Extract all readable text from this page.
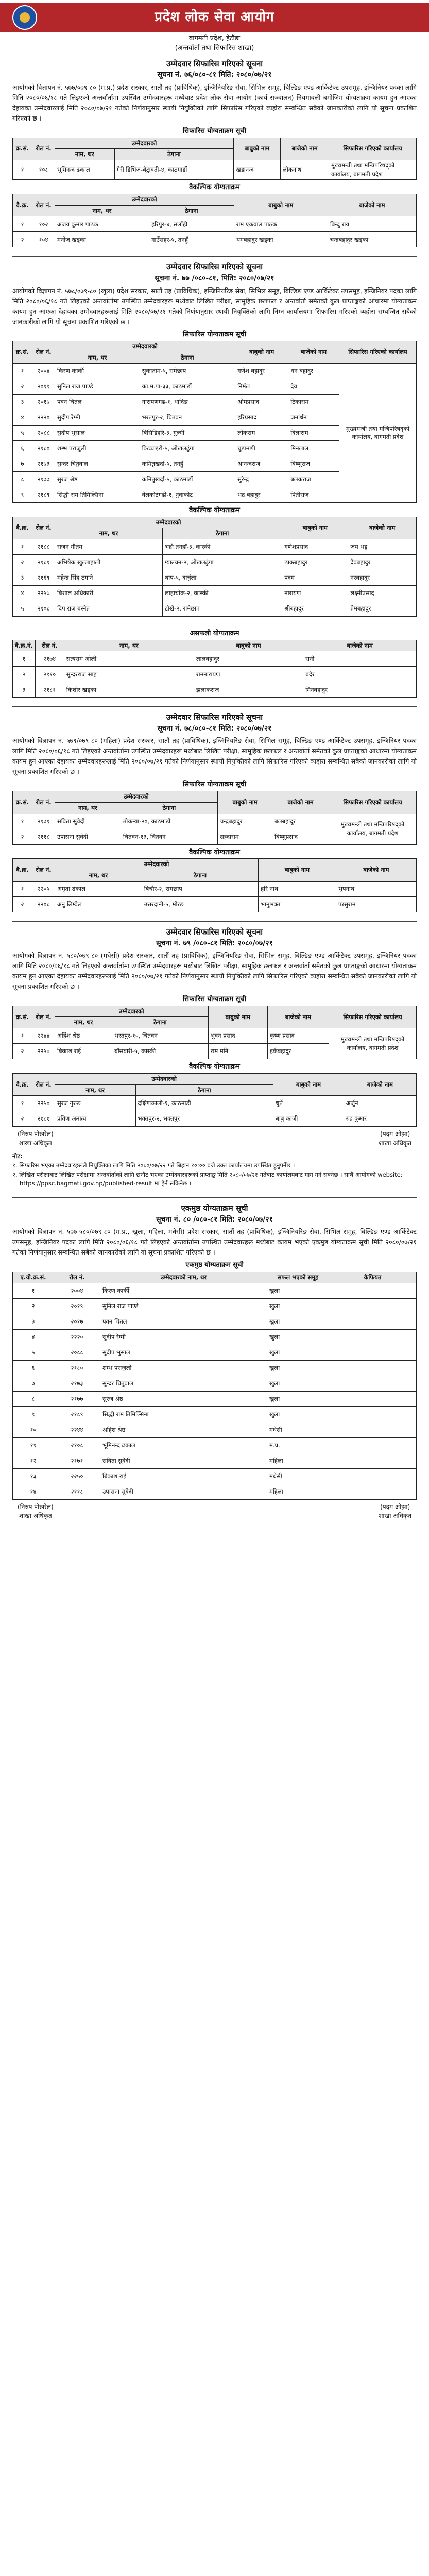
प्रदेश लोक सेवा आयोग
बागमती प्रदेश, हेटौंडा
(अन्तर्वार्ता तथा सिफारिस शाखा)
उम्मेदवार सिफारिस गरिएको सूचना
सूचना नं. ७६/०८०-८१ मिति: २०८०/०७/२१

आयोगको विज्ञापन नं. ५७७/०७९-८० (म.प्र.) प्रदेश सरकार, सातौं तह (प्राविधिक), इन्जिनियरिङ सेवा, सिभिल समूह, बिल्डिङ एण्ड आर्किटेक्ट उपसमूह, इन्जिनियर पदका लागि मिति २०८०/०६/१८ गते लिइएको अन्तर्वार्तामा उपस्थित उम्मेदवारहरू मध्येबाट प्रदेश लोक सेवा आयोग (कार्य सञ्चालन) नियमावली बमोजिम योग्यताक्रम कायम हुन आएका देहायका उम्मेदवारलाई मिति २०८०/०७/२१ गतेको निर्णयानुसार स्थायी नियुक्तिको लागि सिफारिस गरिएको व्यहोरा सम्बन्धित सबैको जानकारीको लागि यो सूचना प्रकाशित गरिएको छ ।

सिफारिस योग्यताक्रम सूची
क्र.सं.	रोल नं.	उम्मेदवारको		बाबुको नाम	बाजेको नाम	सिफारिस गरिएको कार्यालय
		नाम, थर	ठेगाना			
१	१०८	भूमिनन्द ढकाल	गैरी डिभिज-बेट्रावती-४, काठमाडौं	खडानन्द	लोकनाथ	मुख्यमन्त्री तथा मन्त्रिपरिषद्को कार्यालय, बागमती प्रदेश
वैकल्पिक योग्यताक्रम
वै.क्र.	रोल नं.	उम्मेदवारको		बाबुको नाम	बाजेको नाम
		नाम, थर	ठेगाना		
१	१०२	अजय कुमार पाठक	हरिपुर-४, सर्लाही	राम एकवाल पाठक	बिन्दु राय
२	१०४	मनोज खड्का	गाउँसहर-५, तनहुँ	थमबहादुर खड्का	चन्द्रबहादुर खड्का
उम्मेदवार सिफारिस गरिएको सूचना
सूचना नं. ७७ /०८०-८१, मिति: २०८०/०७/२१

आयोगको विज्ञापन नं. ५७८/०७९-८० (खुला) प्रदेश सरकार, सातौं तह (प्राविधिक), इन्जिनियरिङ सेवा, सिभिल समूह, बिल्डिङ एण्ड आर्किटेक्ट उपसमूह, इन्जिनियर पदका लागि मिति २०८०/०६/१८ गते लिइएको अन्तर्वार्तामा उपस्थित उम्मेदवारहरू मध्येबाट लिखित परीक्षा, सामूहिक छलफल र अन्तर्वार्ता समेतको कुल प्राप्ताङ्कको आधारमा योग्यताक्रम कायम हुन आएका देहायका उम्मेदवारहरूलाई मिति २०८०/०७/२१ गतेको निर्णयानुसार स्थायी नियुक्तिको लागि निम्न कार्यालयमा सिफारिस गरिएको व्यहोरा सम्बन्धित सबैको जानकारीको लागि यो सूचना प्रकाशित गरिएको छ ।

सिफारिस योग्यताक्रम सूची
क्र.सं.	रोल नं.	उम्मेदवारको		बाबुको नाम	बाजेको नाम	सिफारिस गरिएको कार्यालय
		नाम, थर	ठेगाना			
१	२००४	किरण कार्की	सुकाताम-५, रामेछाप	गणेश बहादुर	धन बहादुर	मुख्यमन्त्री तथा मन्त्रिपरिषद्को कार्यालय, बागमती प्रदेश
२	२०१९	सुनिल राज पाण्डे	का.म.पा-३३, काठमाडौं	निर्मल	देव	
३	२०१७	पवन चितल	नारायणगढ-१, धादिङ	ओमप्रसाद	टिकाराम	
४	२२२०	सुदीप रेग्मी	भरतपुर-२, चितवन	हरिप्रसाद	जनार्धन	
५	२०८८	सुदीप भुसाल	बिसिडिहरि-३, गुल्मी	लोकराम	दिलाराम	
६	२१८०	शम्भ पराजुली	किच्चाइरी-५, ओखलढुंगा	चुडामणी	मिनलाल	
७	२१७३	सुन्दर चितुवाल	कमितुखर्दा-५, तनहुँ	आनन्दराज	बिष्णुराज	
८	२१७७	सुरज श्रेष्ठ	कमितुखर्दा-५, काठमाडौं	सुरेन्द्र	बलकराज	
९	२१८९	सिद्धी राम तिमिल्सिना	वेलकोटगढी-१, नुवाकोट	भद्र बहादुर	पितीराज	
वैकल्पिक योग्यताक्रम
वै.क्र.	रोल नं.	उम्मेदवारको		बाबुको नाम	बाजेको नाम
		नाम, थर	ठेगाना		
१	२१८८	राजन गौतम	भद्रौ तनहाँ-३, कास्की	गणेशप्रसाद	जय भट्ट
२	२१८१	अभिषेक खुल्लाहाली	ग्याल्चन-२, ओखलढुंगा	ठाकबहादुर	देवबहादुर
३	२१६९	महेन्द्र सिंह ठगाने	थाप-५, दार्चुला	पदम	नरबहादुर
४	२२५७	बिशाल अधिकारी	लाहाचोक-२, कास्की	नारायण	लक्ष्मीप्रसाद
५	२१०८	दिप राज बस्नेत	टोखे-२, रामेछाप	श्रीबहादुर	प्रेमबहादुर
असफली योग्यताक्रम
वै.क्र.नं.	रोल नं.	नाम, थर	बाबुको नाम	बाजेको नाम
१	२१७४	सत्यराम ओली	लालबहादुर	रानी
२	२११०	सुन्दरराज साह	रामनारायण	बदेर
३	२१८१	किशोर खड्का	झलाकराज	मिनबहादुर
उम्मेदवार सिफारिस गरिएको सूचना
सूचना नं. ७८/०८०-८१ मिति: २०८०/०७/२१

आयोगको विज्ञापन नं. ५७९/०७९-८० (महिला) प्रदेश सरकार, सातौं तह (प्राविधिक), इन्जिनियरिङ सेवा, सिभिल समूह, बिल्डिङ एण्ड आर्किटेक्ट उपसमूह, इन्जिनियर पदका लागि मिति २०८०/०६/१८ गते लिइएको अन्तर्वार्तामा उपस्थित उम्मेदवारहरू मध्येबाट लिखित परीक्षा, सामूहिक छलफल र अन्तर्वार्ता समेतको कुल प्राप्ताङ्कको आधारमा योग्यताक्रम कायम हुन आएका देहायका उम्मेदवारहरूलाई मिति २०८०/०७/२१ गतेको निर्णयानुसार स्थायी नियुक्तिको लागि सिफारिस गरिएको व्यहोरा सम्बन्धित सबैको जानकारीको लागि यो सूचना प्रकाशित गरिएको छ ।

सिफारिस योग्यताक्रम सूची
क्र.सं.	रोल नं.	उम्मेदवारको		बाबुको नाम	बाजेको नाम	सिफारिस गरिएको कार्यालय
		नाम, थर	ठेगाना			
१	२१७१	सविता सुवेदी	तोकन्या-२०, काठमाडौं	चन्द्रबहादुर	बलबहादुर	मुख्यमन्त्री तथा मन्त्रिपरिषद्को कार्यालय, बागमती प्रदेश
२	२११८	उपासना सुवेदी	चितवन-१३, चितवन	सह्दाराम	बिष्णुप्रसाद	
वैकल्पिक योग्यताक्रम
वै.क्र.	रोल नं.	उम्मेदवारको		बाबुको नाम	बाजेको नाम
		नाम, थर	ठेगाना		
१	२२०५	अमृता ढकाल	बिचौर-२, रामछाप	हरि नाथ	भुपनाथ
२	२२०८	अनु लिम्बेल	उत्तरदानी-५, मोरङ	भानुभक्त	परसुराम
उम्मेदवार सिफारिस गरिएको सूचना
सूचना नं. ७९ /०८०-८१ मिति: २०८०/०७/२१

आयोगको विज्ञापन नं. ५८०/०७९-८० (मधेसी) प्रदेश सरकार, सातौं तह (प्राविधिक), इन्जिनियरिङ सेवा, सिभिल समूह, बिल्डिङ एण्ड आर्किटेक्ट उपसमूह, इन्जिनियर पदका लागि मिति २०८०/०६/१८ गते लिइएको अन्तर्वार्तामा उपस्थित उम्मेदवारहरू मध्येबाट लिखित परीक्षा, सामूहिक छलफल र अन्तर्वार्ता समेतको कुल प्राप्ताङ्कको आधारमा योग्यताक्रम कायम हुन आएका देहायका उम्मेदवारहरूलाई मिति २०८०/०७/२१ गतेको निर्णयानुसार स्थायी नियुक्तिको लागि सिफारिस गरिएको व्यहोरा सम्बन्धित सबैको जानकारीको लागि यो सूचना प्रकाशित गरिएको छ ।

सिफारिस योग्यताक्रम सूची
क्र.सं.	रोल नं.	उम्मेदवारको		बाबुको नाम	बाजेको नाम	सिफारिस गरिएको कार्यालय
		नाम, थर	ठेगाना			
१	२२४४	अहिंश श्रेष्ठ	भरतपुर-१०, चितवन	भुवन प्रसाद	कृष्ण प्रसाद	मुख्यमन्त्री तथा मन्त्रिपरिषद्को कार्यालय, बागमती प्रदेश
२	२२५०	बिकाश राई	बाँसबारी-५, कास्की	राम मनि	हर्कबहादुर	
वैकल्पिक योग्यताक्रम
वै.क्र.	रोल नं.	उम्मेदवारको		बाबुको नाम	बाजेको नाम
		नाम, थर	ठेगाना		
१	२२५०	सुरज गुरुङ	दक्षिणकाली-१, काठमाडौं	धुर्ते	अर्जुन
२	२१८१	प्रविण अमात्य	भक्तपुर-२, भक्तपुर	बाबु काजी	रुद्र कुमार
(निरुप पोखरेल)
शाखा अधिकृत
(पदम ओझा)
शाखा अधिकृत
नोट:

१. सिफारिस भएका उम्मेदवारहरूले नियुक्तिका लागि मिति २०८०/०७/२२ गते बिहान १०:०० बजे उक्त कार्यालयमा उपस्थित हुनुपर्नेछ ।

२. लिखित परीक्षाबाट लिखित परीक्षामा अन्तर्वार्ताको लागि छनौट भएका उम्मेदवारहरूको प्राप्ताङ्क मिति २०८०/०७/२१ गतेबाट कार्यालयबाट माग गर्न सक्नेछ । साथै आयोगको website: https://ppsc.bagmati.gov.np/published-result मा हेर्न सकिनेछ ।

एकमुष्ठ योग्यताक्रम सूची
सूचना नं. ८० /०८०-८१ मिति: २०८०/०७/२१

आयोगको विज्ञापन नं. ५७७-५८०/०७९-८० (म.प्र., खुला, महिला, मधेसी) प्रदेश सरकार, सातौं तह (प्राविधिक), इन्जिनियरिङ सेवा, सिभिल समूह, बिल्डिङ एण्ड आर्किटेक्ट उपसमूह, इन्जिनियर पदका लागि मिति २०८०/०६/१८ गते लिइएको अन्तर्वार्तामा उपस्थित उम्मेदवारहरू मध्येबाट कायम भएको एकमुष्ठ योग्यताक्रम सूची मिति २०८०/०७/२१ गतेको निर्णयानुसार सम्बन्धित सबैको जानकारीको लागि यो सूचना प्रकाशित गरिएको छ ।

एकमुष्ठ योग्यताक्रम सूची
ए.यो.क्र.सं.	रोल नं.	उम्मेदवारको नाम, थर	सफल भएको समूह	कैफियत
१	२००४	किरण कार्की	खुला	
२	२०१९	सुनिल राज पाण्डे	खुला	
३	२०१७	पवन चितल	खुला	
४	२२२०	सुदीप रेग्मी	खुला	
५	२०८८	सुदीप भुसाल	खुला	
६	२१८०	शम्भ पराजुली	खुला	
७	२१७३	सुन्दर चितुवाल	खुला	
८	२१७७	सुरज श्रेष्ठ	खुला	
९	२१८९	सिद्धी राम तिमिल्सिना	खुला	
१०	२२४४	अहिंश श्रेष्ठ	मधेसी	
११	२१०८	भूमिनन्द ढकाल	म.प्र.	
१२	२१७१	सविता सुवेदी	महिला	
१३	२२५०	बिकाश राई	मधेसी	
१४	२११८	उपासना सुवेदी	महिला	
(निरुप पोखरेल)
शाखा अधिकृत
(पदम ओझा)
शाखा अधिकृत
